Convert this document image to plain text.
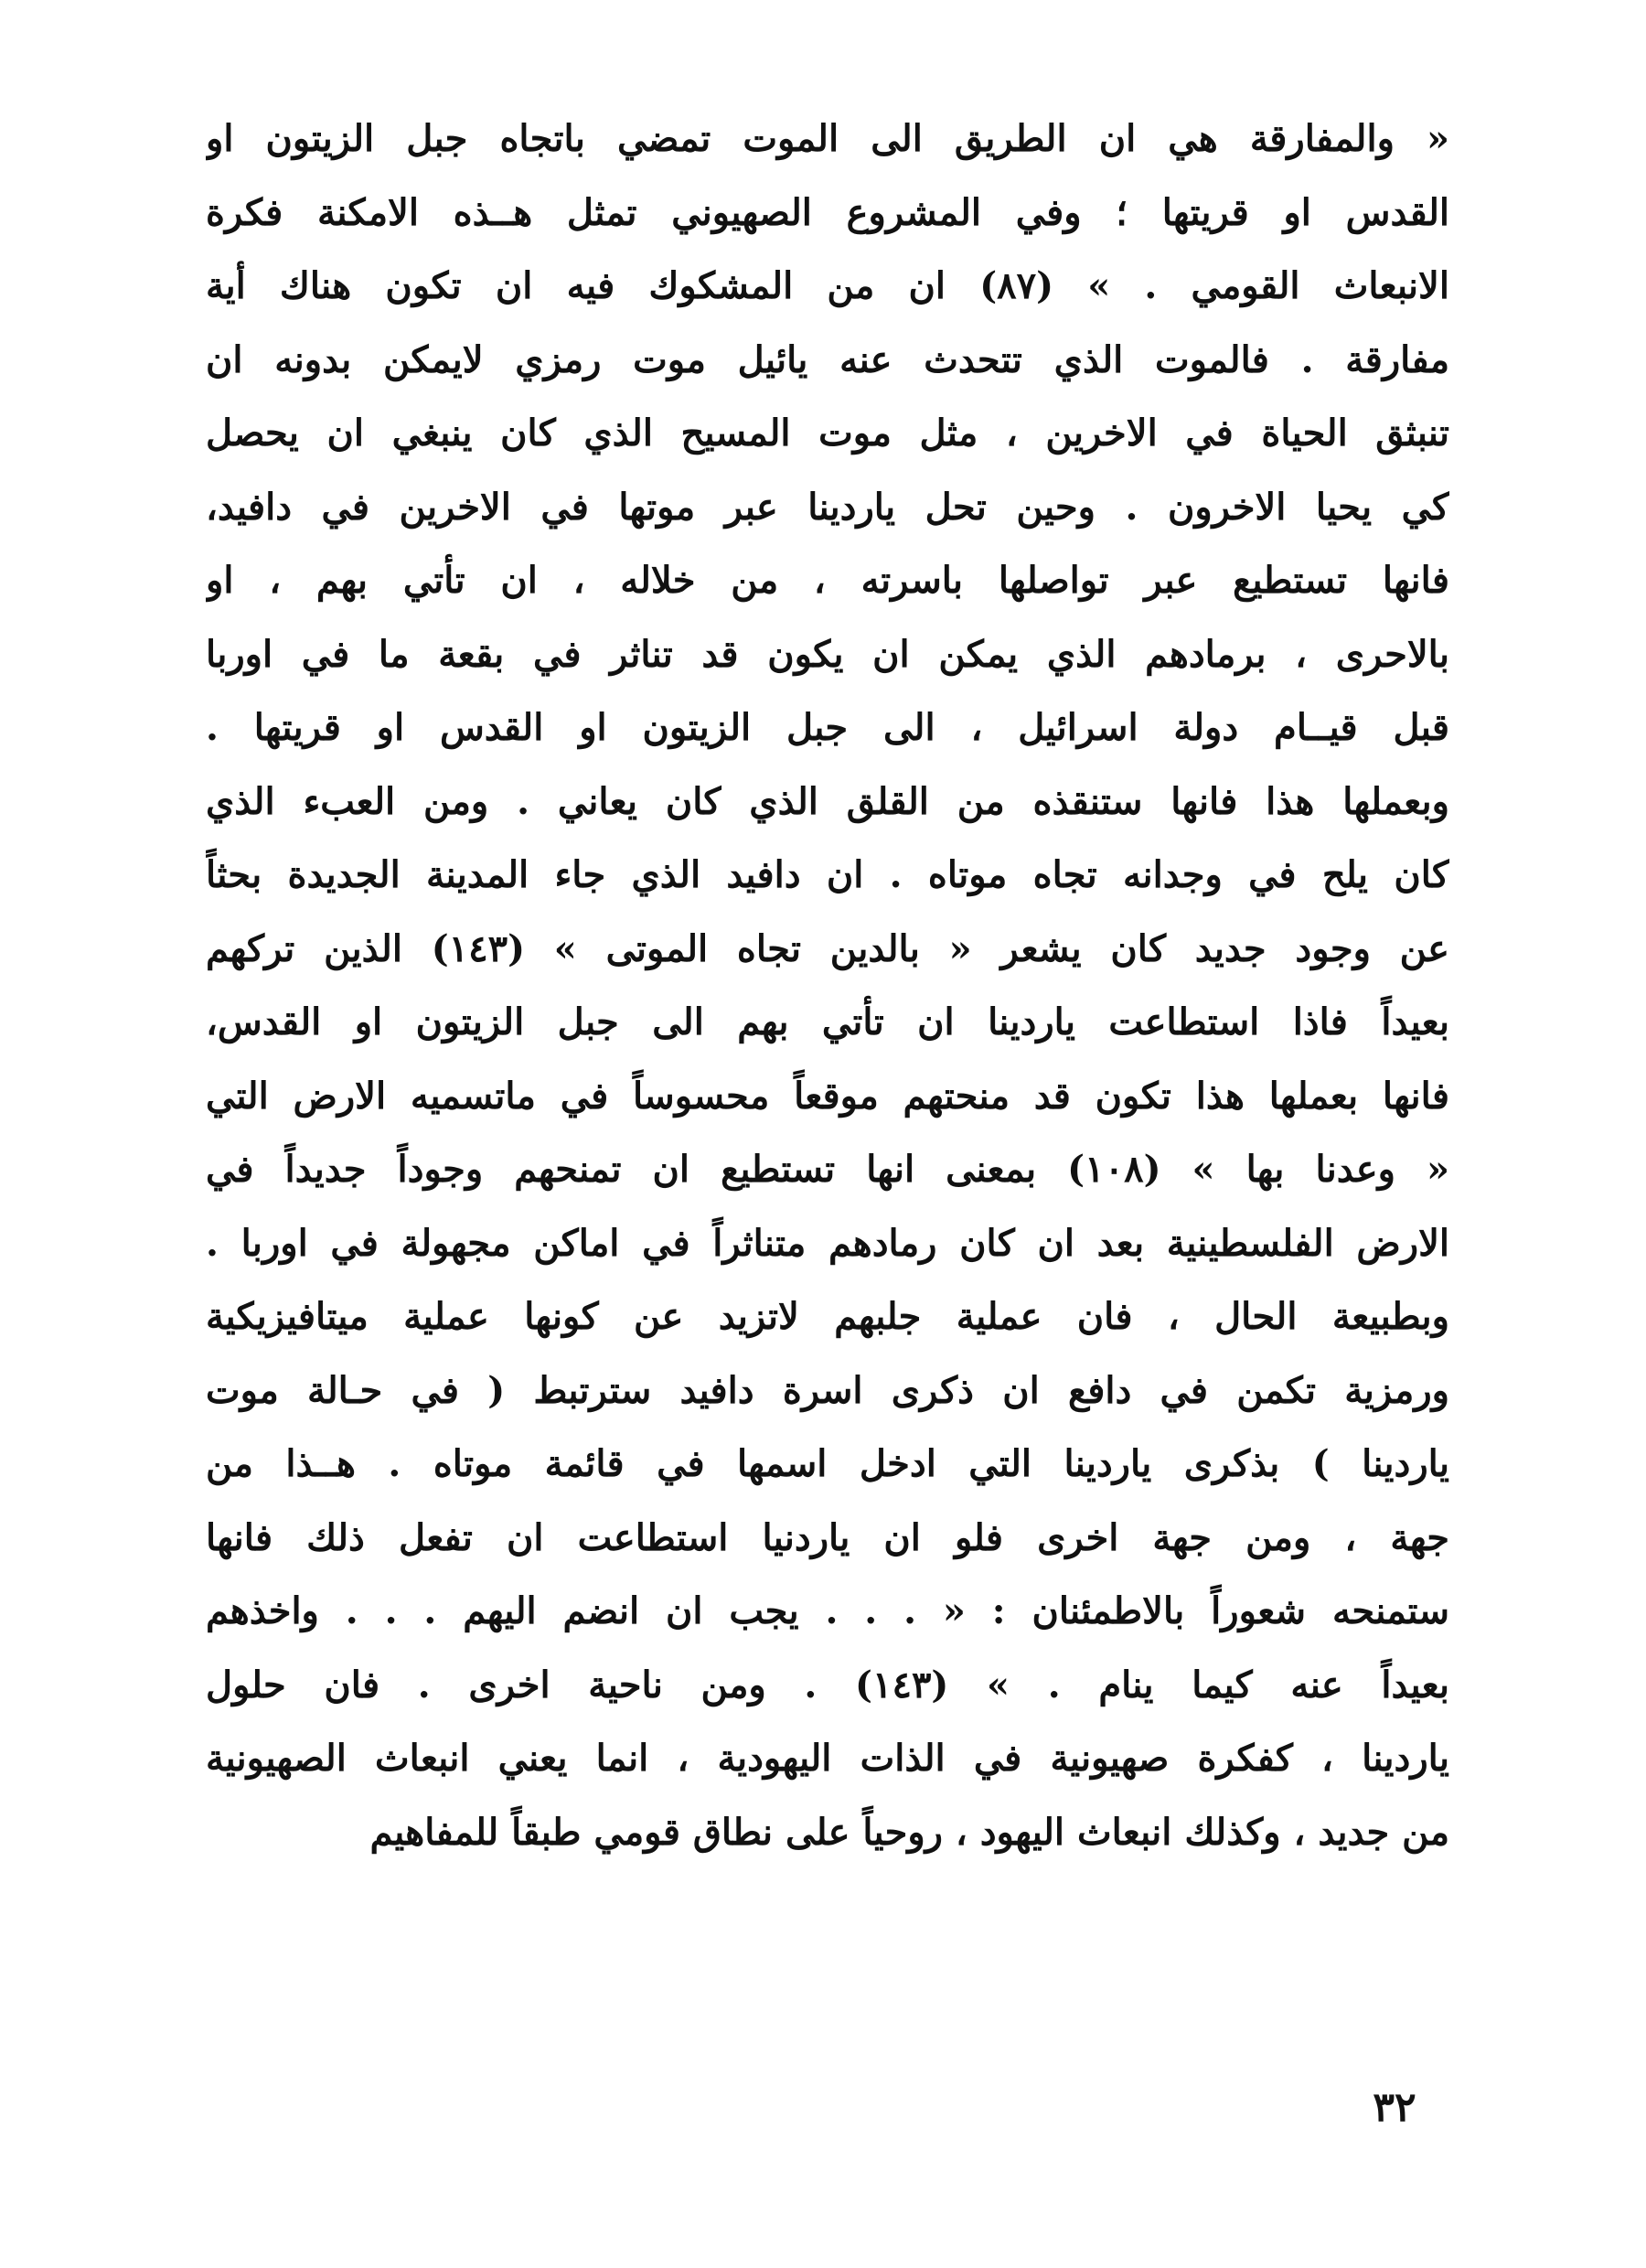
« والمفارقة هي ان الطريق الى الموت تمضي باتجاه جبل الزيتون او
القدس او قريتها ؛ وفي المشروع الصهيوني تمثل هــذه الامكنة فكرة
الانبعاث القومي . » (٨٧) ان من المشكوك فيه ان تكون هناك أية
مفارقة . فالموت الذي تتحدث عنه يائيل موت رمزي لايمكن بدونه ان
تنبثق الحياة في الاخرين ، مثل موت المسيح الذي كان ينبغي ان يحصل
كي يحيا الاخرون . وحين تحل ياردينا عبر موتها في الاخرين في دافيد،
فانها تستطيع عبر تواصلها باسرته ، من خلاله ، ان تأتي بهم ، او
بالاحرى ، برمادهم الذي يمكن ان يكون قد تناثر في بقعة ما في اوربا
قبل قيــام دولة اسرائيل ، الى جبل الزيتون او القدس او قريتها .
وبعملها هذا فانها ستنقذه من القلق الذي كان يعاني . ومن العبء الذي
كان يلح في وجدانه تجاه موتاه . ان دافيد الذي جاء المدينة الجديدة بحثاً
عن وجود جديد كان يشعر « بالدين تجاه الموتى » (١٤٣) الذين تركهم
بعيداً فاذا استطاعت ياردينا ان تأتي بهم الى جبل الزيتون او القدس،
فانها بعملها هذا تكون قد منحتهم موقعاً محسوساً في ماتسميه الارض التي
« وعدنا بها » (١٠٨) بمعنى انها تستطيع ان تمنحهم وجوداً جديداً في
الارض الفلسطينية بعد ان كان رمادهم متناثراً في اماكن مجهولة في اوربا .
وبطبيعة الحال ، فان عملية جلبهم لاتزيد عن كونها عملية ميتافيزيكية
ورمزية تكمن في دافع ان ذكرى اسرة دافيد سترتبط ( في حـالة موت
ياردينا ) بذكرى ياردينا التي ادخل اسمها في قائمة موتاه . هــذا من
جهة ، ومن جهة اخرى فلو ان ياردنيا استطاعت ان تفعل ذلك فانها
ستمنحه شعوراً بالاطمئنان : « . . . يجب ان انضم اليهم . . . واخذهم
بعيداً عنه كيما ينام . » (١٤٣) . ومن ناحية اخرى . فان حلول
ياردينا ، كفكرة صهيونية في الذات اليهودية ، انما يعني انبعاث الصهيونية
من جديد ، وكذلك انبعاث اليهود ، روحياً على نطاق قومي طبقاً للمفاهيم
٣٢
